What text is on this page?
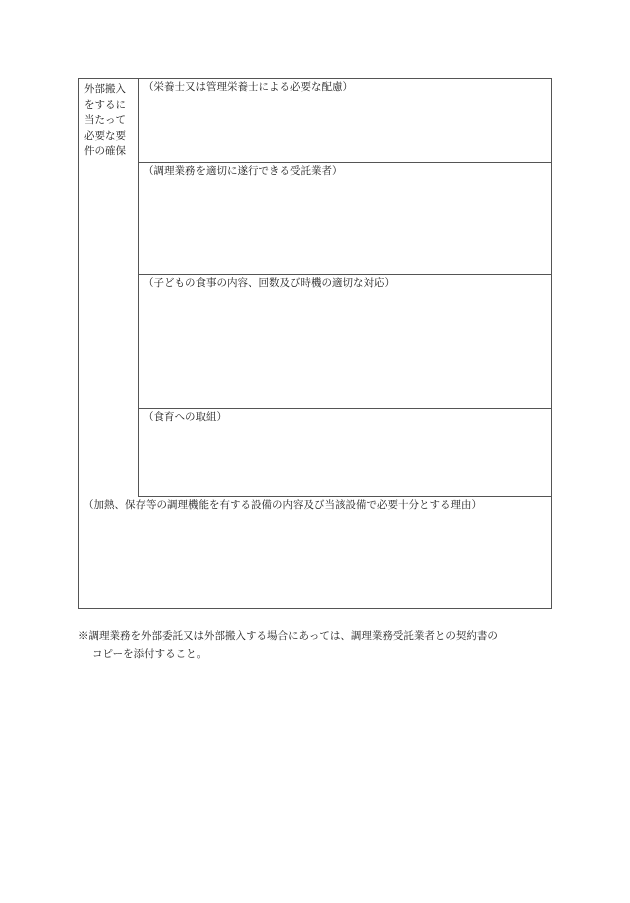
外部搬入
をするに
当たって
必要な要
件の確保
（栄養士又は管理栄養士による必要な配慮）
（調理業務を適切に遂行できる受託業者）
（子どもの食事の内容、回数及び時機の適切な対応）
（食育への取組）
（加熱、保存等の調理機能を有する設備の内容及び当該設備で必要十分とする理由）
※調理業務を外部委託又は外部搬入する場合にあっては、調理業務受託業者との契約書の
コピーを添付すること。
